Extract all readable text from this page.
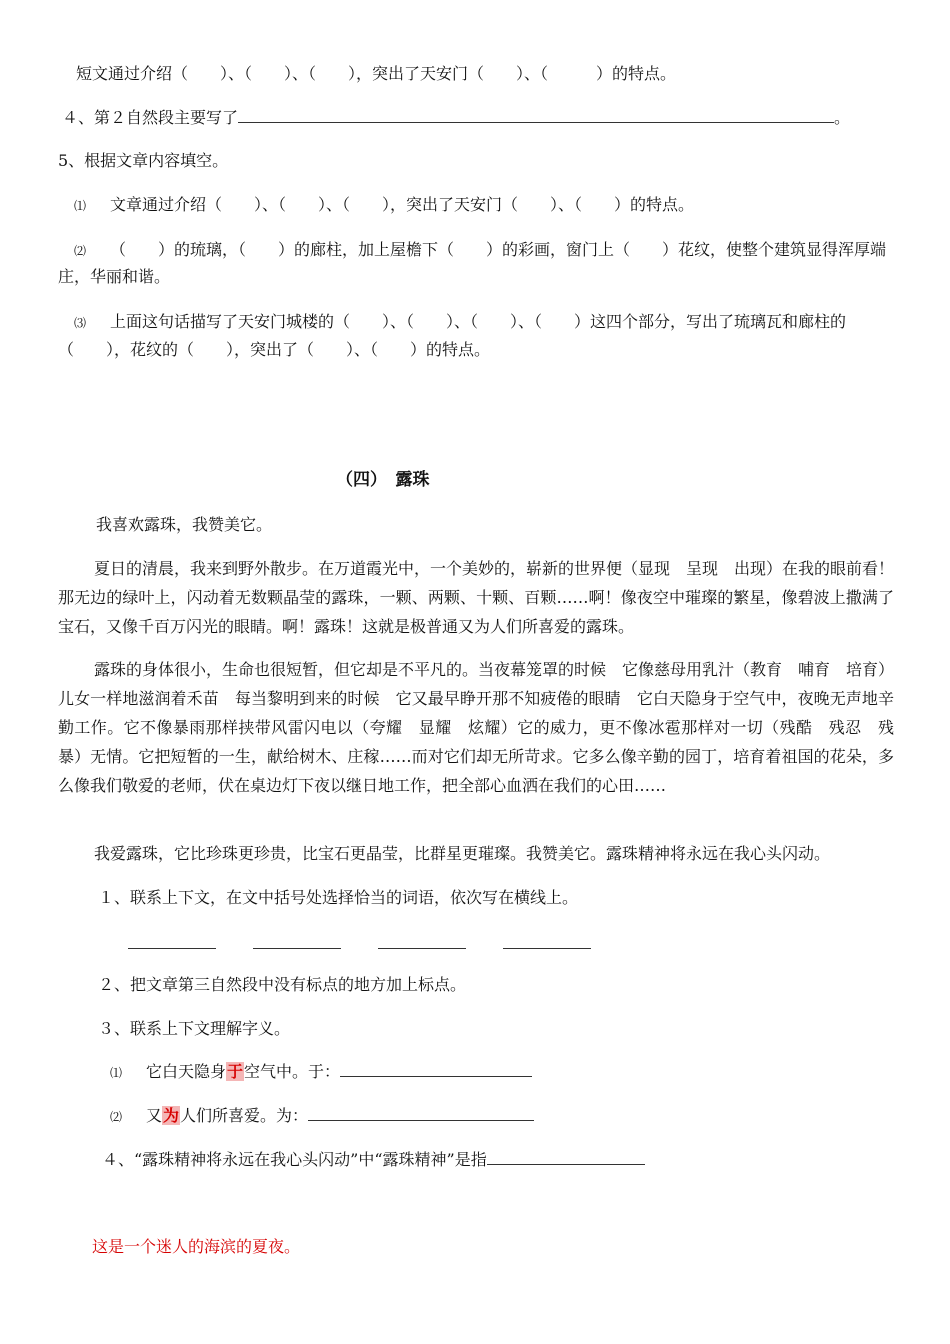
短文通过介绍（　　）、（　　）、（　　），突出了天安门（　　）、（　　　）的特点。
４、第２自然段主要写了	。
5、根据文章内容填空。
⑴ 文章通过介绍（　　）、（　　）、（　　），突出了天安门（　　）、（　　）的特点。
⑵ （　　）的琉璃，（　　）的廊柱，加上屋檐下（　　）的彩画，窗门上（　　）花纹，使整个建筑显得浑厚端
庄，华丽和谐。
⑶ 上面这句话描写了天安门城楼的（　　）、（　　）、（　　）、（　　）这四个部分，写出了琉璃瓦和廊柱的
（　　），花纹的（　　），突出了（　　）、（　　）的特点。
（四）　露珠
我喜欢露珠，我赞美它。
夏日的清晨，我来到野外散步。在万道霞光中，一个美妙的，崭新的世界便（显现　呈现　出现）在我的眼前看！那无边的绿叶上，闪动着无数颗晶莹的露珠，一颗、两颗、十颗、百颗……啊！像夜空中璀璨的繁星，像碧波上撒满了宝石，又像千百万闪光的眼睛。啊！露珠！这就是极普通又为人们所喜爱的露珠。
露珠的身体很小，生命也很短暂，但它却是不平凡的。当夜幕笼罩的时候　它像慈母用乳汁（教育　哺育　培育）儿女一样地滋润着禾苗　每当黎明到来的时候　它又最早睁开那不知疲倦的眼睛　它白天隐身于空气中，夜晚无声地辛勤工作。它不像暴雨那样挟带风雷闪电以（夸耀　显耀　炫耀）它的威力，更不像冰雹那样对一切（残酷　残忍　残暴）无情。它把短暂的一生，献给树木、庄稼……而对它们却无所苛求。它多么像辛勤的园丁，培育着祖国的花朵，多么像我们敬爱的老师，伏在桌边灯下夜以继日地工作，把全部心血洒在我们的心田……
我爱露珠，它比珍珠更珍贵，比宝石更晶莹，比群星更璀璨。我赞美它。露珠精神将永远在我心头闪动。
１、联系上下文，在文中括号处选择恰当的词语，依次写在横线上。

２、把文章第三自然段中没有标点的地方加上标点。
３、联系上下文理解字义。
⑴ 它白天隐身于空气中。于：
⑵ 又为人们所喜爱。为：
４、“露珠精神将永远在我心头闪动”中“露珠精神”是指
这是一个迷人的海滨的夏夜。
